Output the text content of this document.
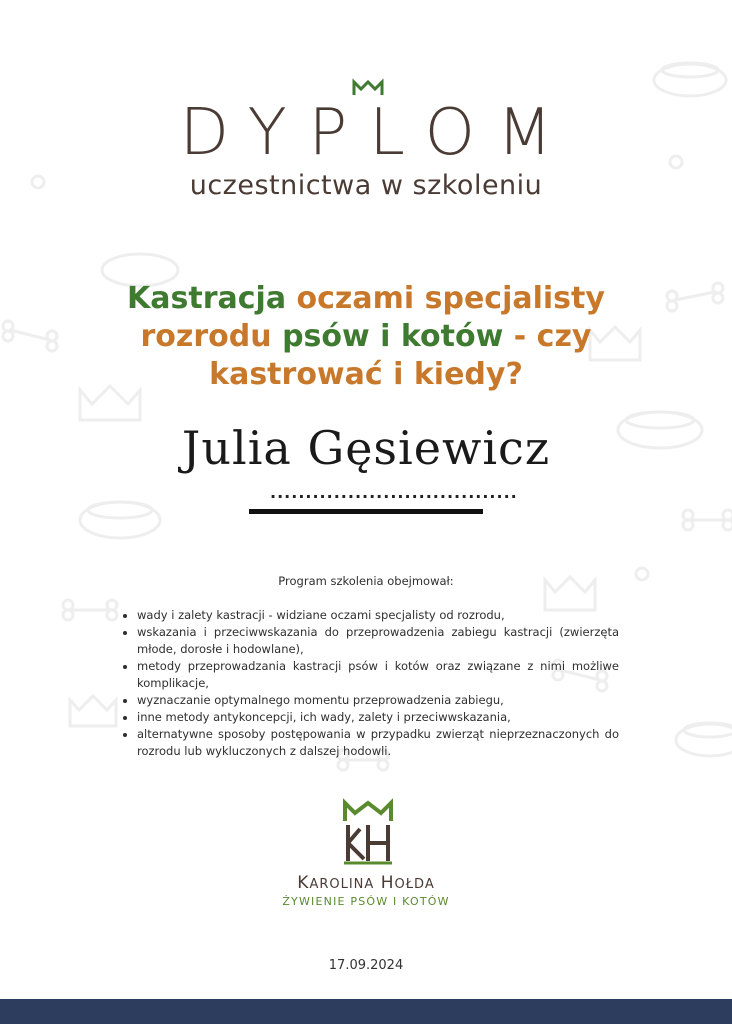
DYPLOM
uczestnictwa w szkoleniu
Kastracja oczami specjalisty rozrodu psów i kotów - czy kastrować i kiedy?
Julia Gęsiewicz
...................................
Program szkolenia obejmował:
• wady i zalety kastracji - widziane oczami specjalisty od rozrodu,
• wskazania i przeciwwskazania do przeprowadzenia zabiegu kastracji (zwierzęta młode, dorosłe i hodowlane),
• metody przeprowadzania kastracji psów i kotów oraz związane z nimi możliwe komplikacje,
• wyznaczanie optymalnego momentu przeprowadzenia zabiegu,
• inne metody antykoncepcji, ich wady, zalety i przeciwwskazania,
• alternatywne sposoby postępowania w przypadku zwierząt nieprzeznaczonych do rozrodu lub wykluczonych z dalszej hodowli.
KAROLINA HOŁDA
ŻYWIENIE PSÓW I KOTÓW
17.09.2024
